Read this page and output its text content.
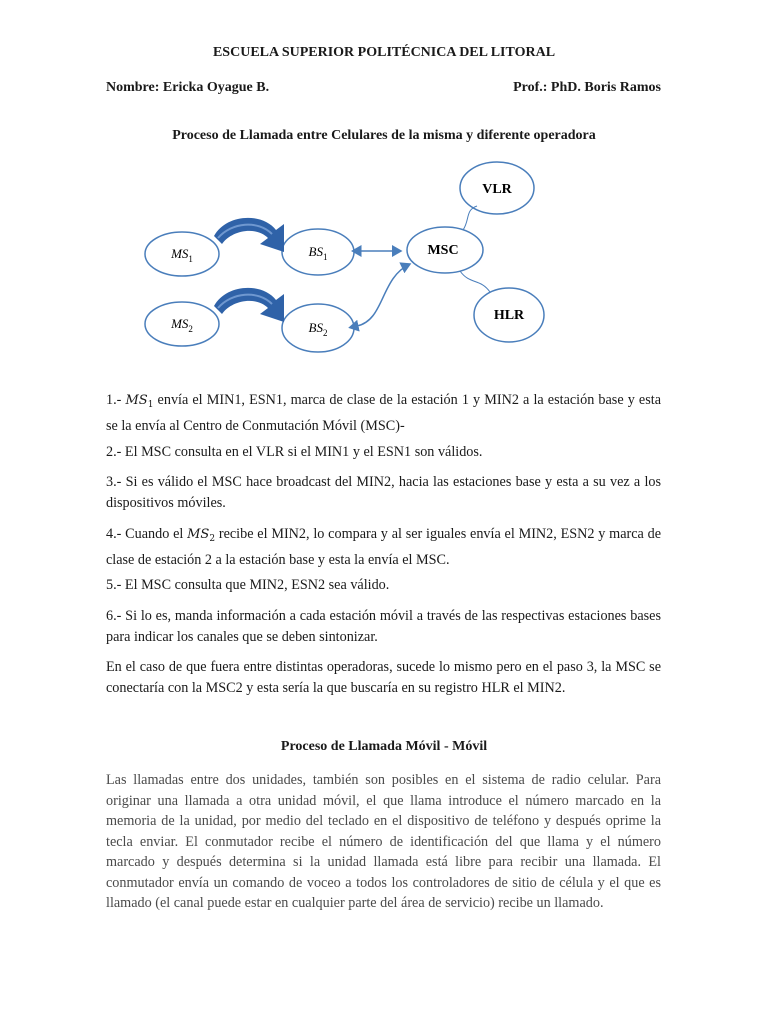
ESCUELA SUPERIOR POLITÉCNICA DEL LITORAL
Nombre: Ericka Oyague B.	Prof.: PhD. Boris Ramos
Proceso de Llamada entre Celulares de la misma y diferente operadora
VLR
MSC
HLR
$MS_1$	$BS_1$
$MS_2$	$BS_2$
1.- $MS_1$ envía el MIN1, ESN1, marca de clase de la estación 1 y MIN2 a la estación base y esta se la envía al Centro de Conmutación Móvil (MSC)-
2.- El MSC consulta en el VLR si el MIN1 y el ESN1 son válidos.
3.- Si es válido el MSC hace broadcast del MIN2, hacia las estaciones base y esta a su vez a los dispositivos móviles.
4.- Cuando el $MS_2$ recibe el MIN2, lo compara y al ser iguales envía el MIN2, ESN2 y marca de clase de estación 2 a la estación base y esta la envía el MSC.
5.- El MSC consulta que MIN2, ESN2 sea válido.
6.- Si lo es, manda información a cada estación móvil a través de las respectivas estaciones bases para indicar los canales que se deben sintonizar.
En el caso de que fuera entre distintas operadoras, sucede lo mismo pero en el paso 3, la MSC se conectaría con la MSC2 y esta sería la que buscaría en su registro HLR el MIN2.
Proceso de Llamada Móvil - Móvil
Las llamadas entre dos unidades, también son posibles en el sistema de radio celular. Para originar una llamada a otra unidad móvil, el que llama introduce el número marcado en la memoria de la unidad, por medio del teclado en el dispositivo de teléfono y después oprime la tecla enviar. El conmutador recibe el número de identificación del que llama y el número marcado y después determina si la unidad llamada está libre para recibir una llamada. El conmutador envía un comando de voceo a todos los controladores de sitio de célula y el que es llamado (el canal puede estar en cualquier parte del área de servicio) recibe un llamado.
